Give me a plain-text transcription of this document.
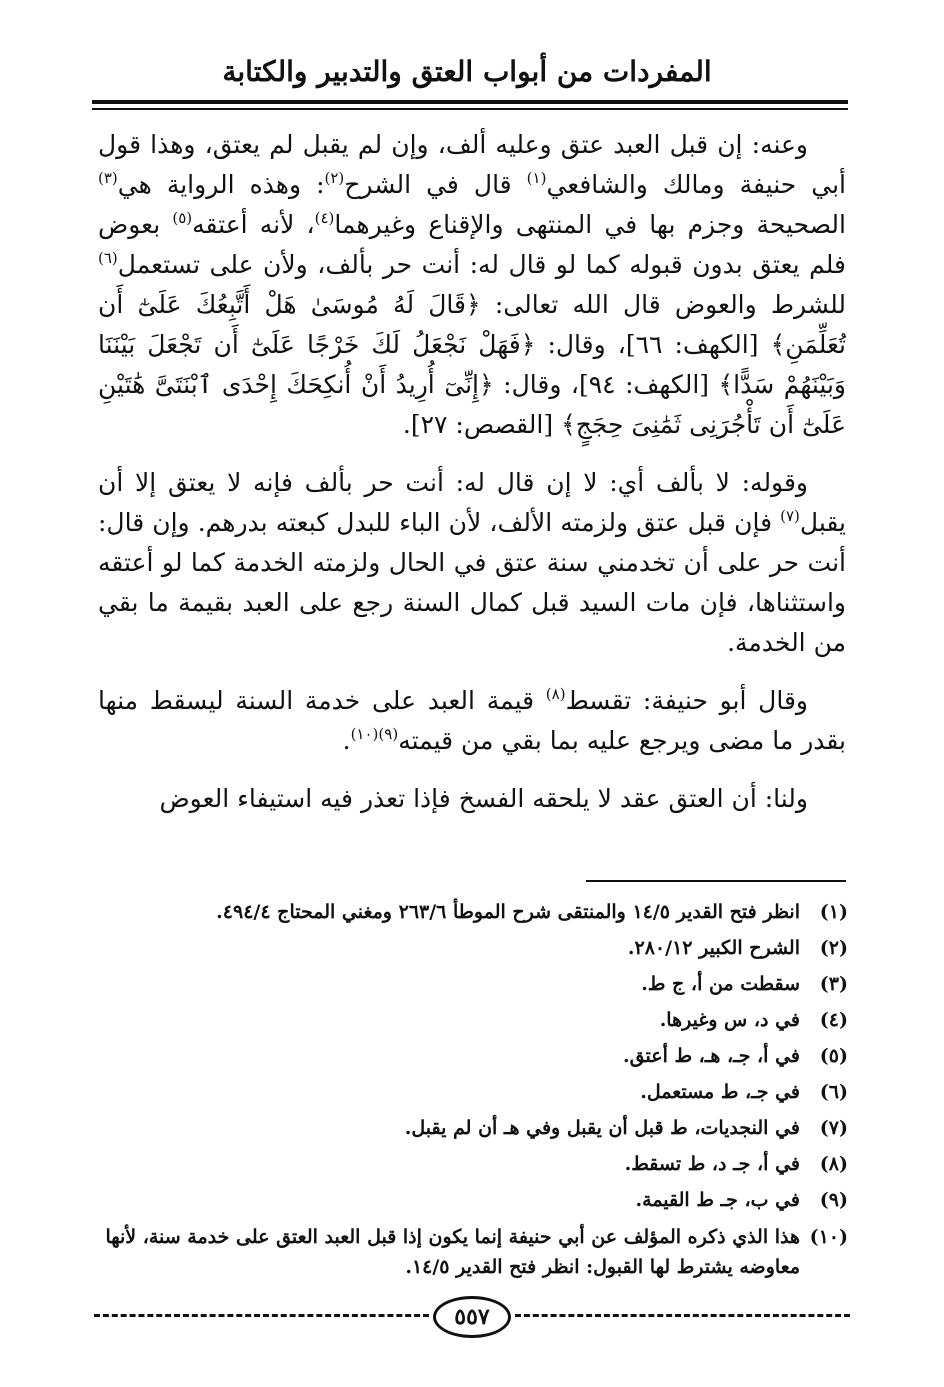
المفردات من أبواب العتق والتدبير والكتابة

وعنه: إن قبل العبد عتق وعليه ألف، وإن لم يقبل لم يعتق، وهذا قول أبي حنيفة ومالك والشافعي$^{(١)}$ قال في الشرح$^{(٢)}$: وهذه الرواية هي$^{(٣)}$ الصحيحة وجزم بها في المنتهى والإقناع وغيرهما$^{(٤)}$، لأنه أعتقه$^{(٥)}$ بعوض فلم يعتق بدون قبوله كما لو قال له: أنت حر بألف، ولأن على تستعمل$^{(٦)}$ للشرط والعوض قال الله تعالى: ﴿قَالَ لَهُ مُوسَىٰ هَلْ أَتَّبِعُكَ عَلَىٰٓ أَن تُعَلِّمَنِ﴾ [الكهف: ٦٦]، وقال: ﴿فَهَلْ نَجْعَلُ لَكَ خَرْجًا عَلَىٰٓ أَن تَجْعَلَ بَيْنَنَا وَبَيْنَهُمْ سَدًّا﴾ [الكهف: ٩٤]، وقال: ﴿إِنِّىٓ أُرِيدُ أَنْ أُنكِحَكَ إِحْدَى ٱبْنَتَىَّ هَٰتَيْنِ عَلَىٰٓ أَن تَأْجُرَنِى ثَمَٰنِىَ حِجَجٍ﴾ [القصص: ٢٧].

وقوله: لا بألف أي: لا إن قال له: أنت حر بألف فإنه لا يعتق إلا أن يقبل$^{(٧)}$ فإن قبل عتق ولزمته الألف، لأن الباء للبدل كبعته بدرهم. وإن قال: أنت حر على أن تخدمني سنة عتق في الحال ولزمته الخدمة كما لو أعتقه واستثناها، فإن مات السيد قبل كمال السنة رجع على العبد بقيمة ما بقي من الخدمة.

وقال أبو حنيفة: تقسط$^{(٨)}$ قيمة العبد على خدمة السنة ليسقط منها بقدر ما مضى ويرجع عليه بما بقي من قيمته$^{(٩)(١٠)}$.

ولنا: أن العتق عقد لا يلحقه الفسخ فإذا تعذر فيه استيفاء العوض

(١)
انظر فتح القدير ١٤/٥ والمنتقى شرح الموطأ ٢٦٣/٦ ومغني المحتاج ٤٩٤/٤.
(٢)
الشرح الكبير ٢٨٠/١٢.
(٣)
سقطت من أ، ج ط.
(٤)
في د، س وغيرها.
(٥)
في أ، جـ، هـ، ط أعتق.
(٦)
في جـ، ط مستعمل.
(٧)
في النجديات، ط قبل أن يقبل وفي هـ أن لم يقبل.
(٨)
في أ، جـ د، ط تسقط.
(٩)
في ب، جـ ط القيمة.
(١٠)
هذا الذي ذكره المؤلف عن أبي حنيفة إنما يكون إذا قبل العبد العتق على خدمة سنة، لأنها معاوضه يشترط لها القبول: انظر فتح القدير ١٤/٥.
٥٥٧
